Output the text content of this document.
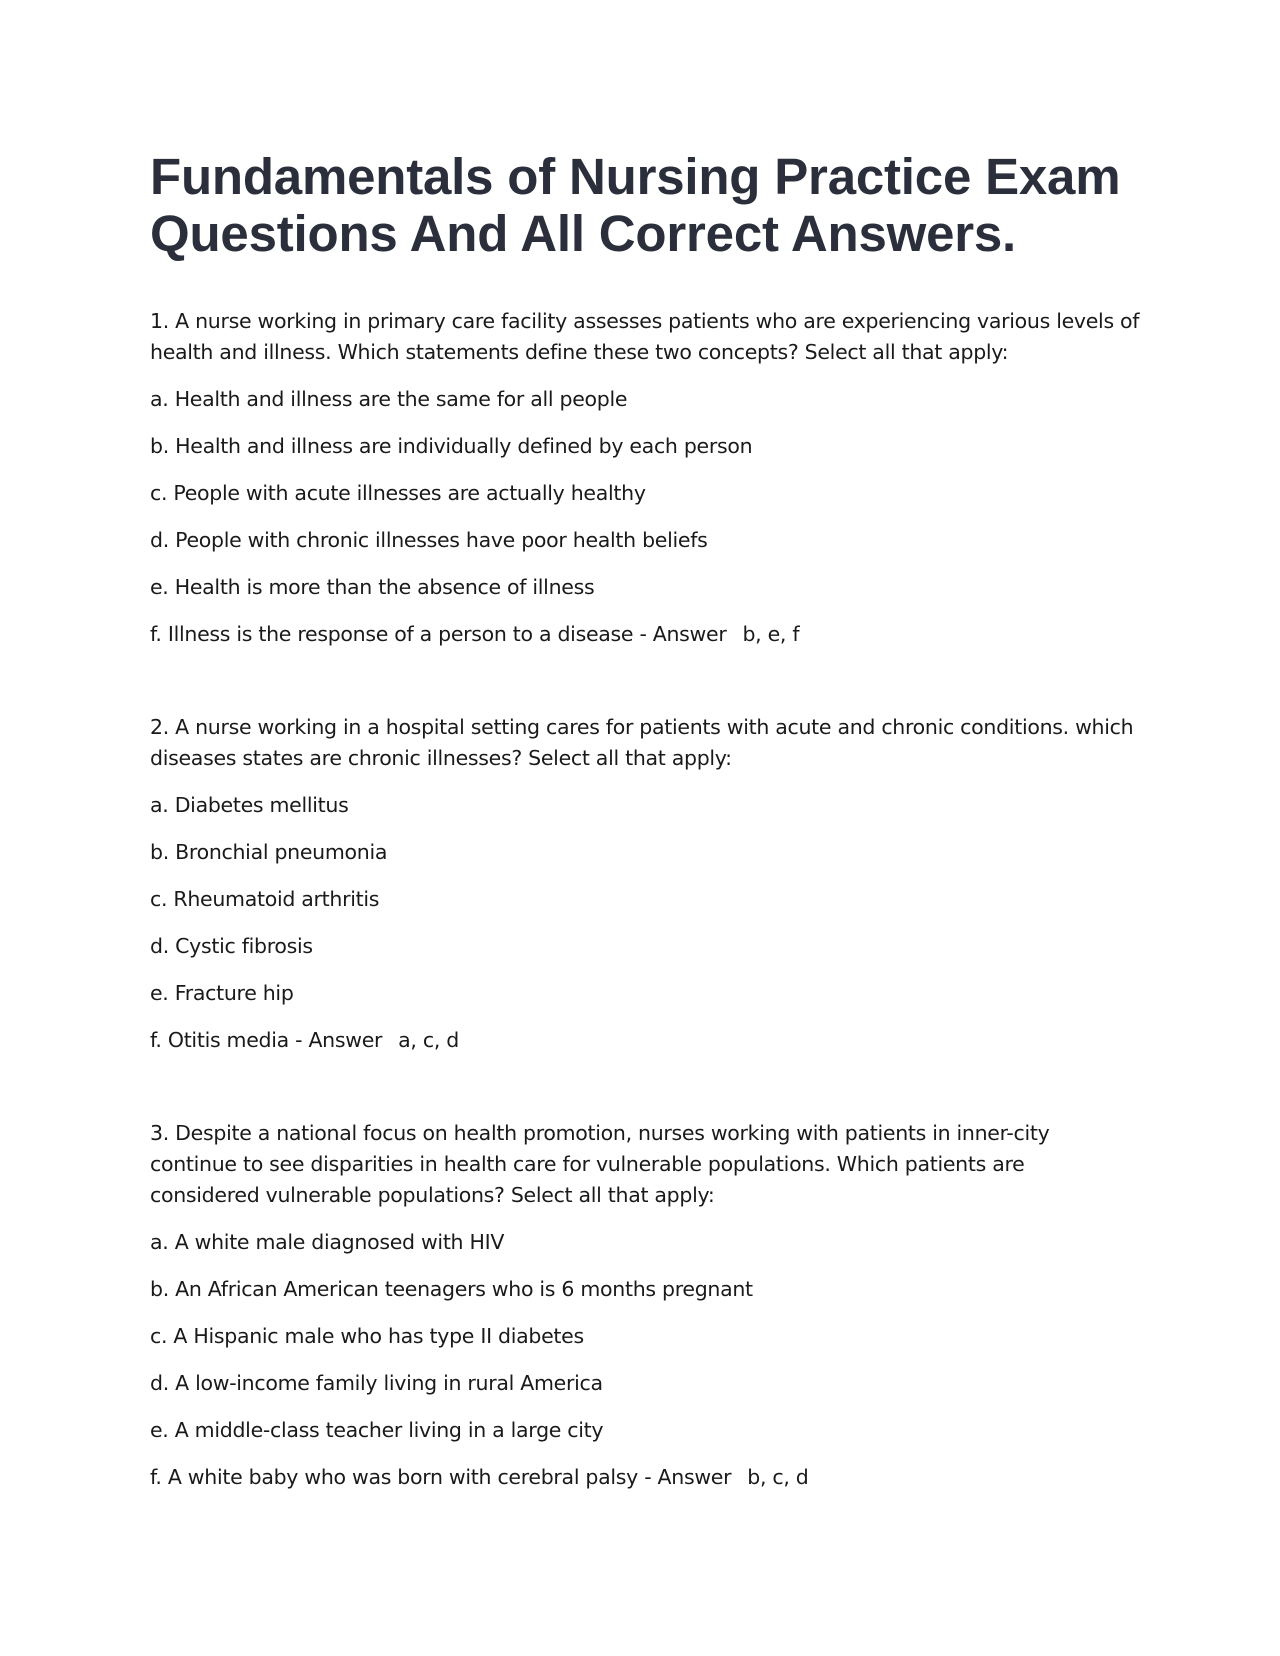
Fundamentals of Nursing Practice Exam Questions And All Correct Answers.

1. A nurse working in primary care facility assesses patients who are experiencing various levels of health and illness. Which statements define these two concepts? Select all that apply:

a. Health and illness are the same for all people

b. Health and illness are individually defined by each person

c. People with acute illnesses are actually healthy

d. People with chronic illnesses have poor health beliefs

e. Health is more than the absence of illness

f. Illness is the response of a person to a disease - Answer b, e, f

2. A nurse working in a hospital setting cares for patients with acute and chronic conditions. which diseases states are chronic illnesses? Select all that apply:

a. Diabetes mellitus

b. Bronchial pneumonia

c. Rheumatoid arthritis

d. Cystic fibrosis

e. Fracture hip

f. Otitis media - Answer a, c, d

3. Despite a national focus on health promotion, nurses working with patients in inner-city continue to see disparities in health care for vulnerable populations. Which patients are considered vulnerable populations? Select all that apply:

a. A white male diagnosed with HIV

b. An African American teenagers who is 6 months pregnant

c. A Hispanic male who has type II diabetes

d. A low-income family living in rural America

e. A middle-class teacher living in a large city

f. A white baby who was born with cerebral palsy - Answer b, c, d
